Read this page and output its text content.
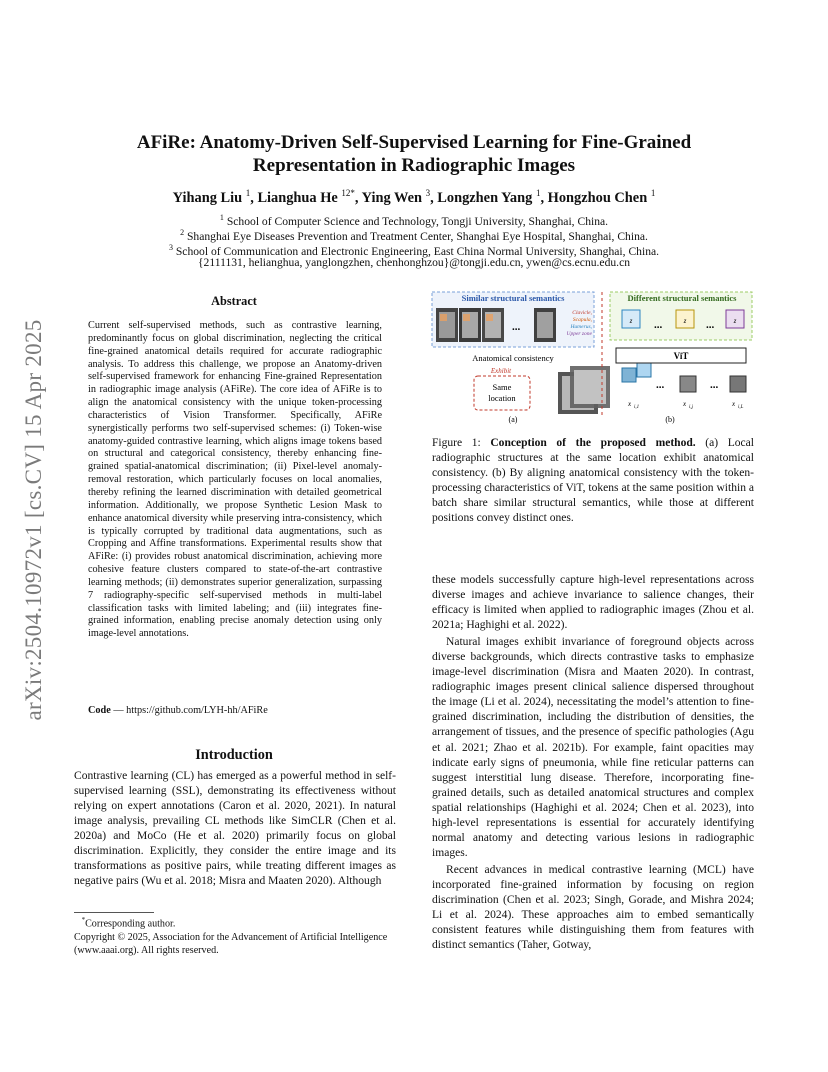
arXiv:2504.10972v1 [cs.CV] 15 Apr 2025
AFiRe: Anatomy-Driven Self-Supervised Learning for Fine-Grained
Representation in Radiographic Images
Yihang Liu $^1$, Lianghua He $^{12*}$, Ying Wen $^3$, Longzhen Yang $^1$, Hongzhou Chen $^1$
$^1$ School of Computer Science and Technology, Tongji University, Shanghai, China.
$^2$ Shanghai Eye Diseases Prevention and Treatment Center, Shanghai Eye Hospital, Shanghai, China.
$^3$ School of Communication and Electronic Engineering, East China Normal University, Shanghai, China.
{2111131, helianghua, yanglongzhen, chenhonghzou}@tongji.edu.cn, ywen@cs.ecnu.edu.cn
Abstract
Current self-supervised methods, such as contrastive learning, predominantly focus on global discrimination, neglecting the critical fine-grained anatomical details required for accurate radiographic analysis. To address this challenge, we propose an Anatomy-driven self-supervised framework for enhancing Fine-grained Representation in radiographic image analysis (AFiRe). The core idea of AFiRe is to align the anatomical consistency with the unique token-processing characteristics of Vision Transformer. Specifically, AFiRe synergistically performs two self-supervised schemes: (i) Token-wise anatomy-guided contrastive learning, which aligns image tokens based on structural and categorical consistency, thereby enhancing fine-grained spatial-anatomical discrimination; (ii) Pixel-level anomaly-removal restoration, which particularly focuses on local anomalies, thereby refining the learned discrimination with detailed geometrical information. Additionally, we propose Synthetic Lesion Mask to enhance anatomical diversity while preserving intra-consistency, which is typically corrupted by traditional data augmentations, such as Cropping and Affine transformations. Experimental results show that AFiRe: (i) provides robust anatomical discrimination, achieving more cohesive feature clusters compared to state-of-the-art contrastive learning methods; (ii) demonstrates superior generalization, surpassing 7 radiography-specific self-supervised methods in multi-label classification tasks with limited labeling; and (iii) integrates fine-grained information, enabling precise anomaly detection using only image-level annotations.
Code — https://github.com/LYH-hh/AFiRe
Introduction

Contrastive learning (CL) has emerged as a powerful method in self-supervised learning (SSL), demonstrating its effectiveness without relying on expert annotations (Caron et al. 2020, 2021). In natural image analysis, prevailing CL methods like SimCLR (Chen et al. 2020a) and MoCo (He et al. 2020) primarily focus on global discrimination. Explicitly, they consider the entire image and its transformations as positive pairs, while treating different images as negative pairs (Wu et al. 2018; Misra and Maaten 2020). Although

*Corresponding author.
Copyright © 2025, Association for the Advancement of Artificial Intelligence (www.aaai.org). All rights reserved.
Similar structural semantics
...
Clavicle,
Scapula,
Humerus,
Upper zone
Anatomical consistency
Exhibit
Same
location
(a)
Different structural semantics
z	z	z
...	...
ViT
x	x	x
i,1	i,j	i,L
...	...
(b)
Figure 1: Conception of the proposed method. (a) Local radiographic structures at the same location exhibit anatomical consistency. (b) By aligning anatomical consistency with the token-processing characteristics of ViT, tokens at the same position within a batch share similar structural semantics, while those at different positions convey distinct ones.

these models successfully capture high-level representations across diverse images and achieve invariance to salience changes, their efficacy is limited when applied to radiographic images (Zhou et al. 2021a; Haghighi et al. 2022).

Natural images exhibit invariance of foreground objects across diverse backgrounds, which directs contrastive tasks to emphasize image-level discrimination (Misra and Maaten 2020). In contrast, radiographic images present clinical salience dispersed throughout the image (Li et al. 2024), necessitating the model’s attention to fine-grained discrimination, including the distribution of densities, the arrangement of tissues, and the presence of specific pathologies (Agu et al. 2021; Zhao et al. 2021b). For example, faint opacities may indicate early signs of pneumonia, while fine reticular patterns can suggest interstitial lung disease. Therefore, incorporating fine-grained details, such as detailed anatomical structures and complex spatial relationships (Haghighi et al. 2024; Chen et al. 2023), into high-level representations is essential for accurately identifying normal anatomy and detecting various lesions in radiographic images.

Recent advances in medical contrastive learning (MCL) have incorporated fine-grained information by focusing on region discrimination (Chen et al. 2023; Singh, Gorade, and Mishra 2024; Li et al. 2024). These approaches aim to embed semantically consistent features while distinguishing them from features with distinct semantics (Taher, Gotway,
